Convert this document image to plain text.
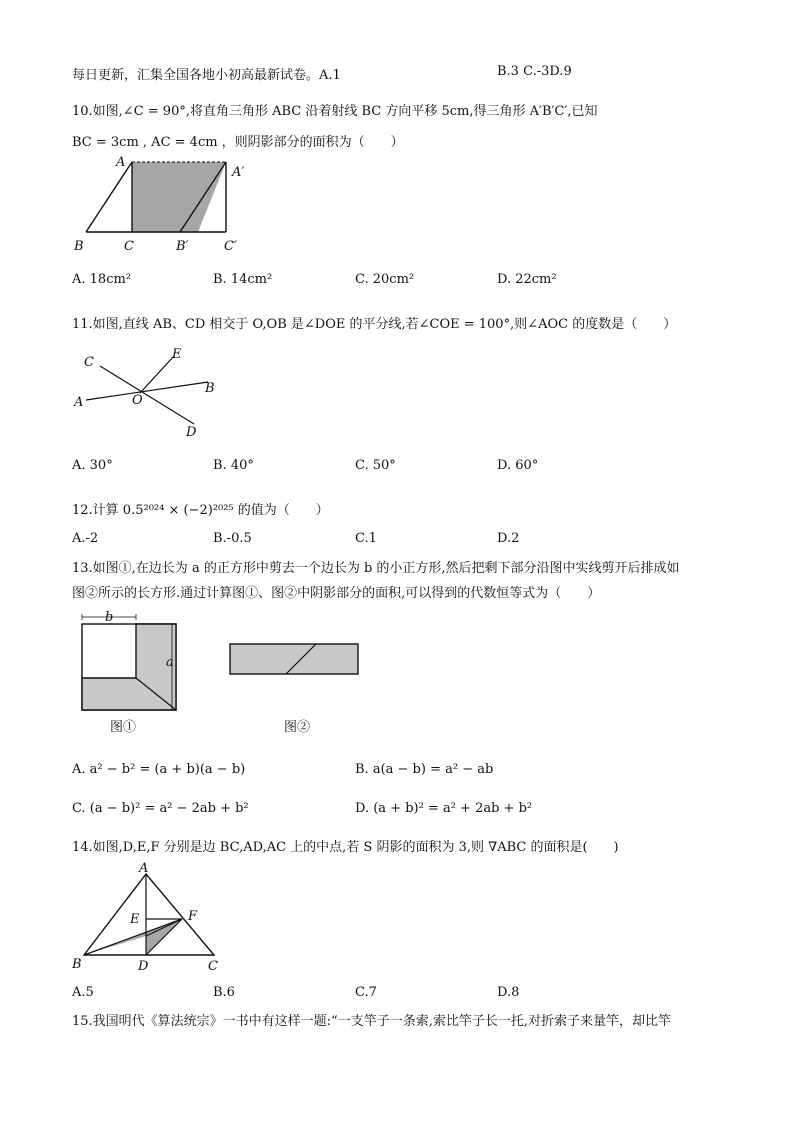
每日更新，汇集全国各地小初高最新试卷。A.1	B.3 C.-3D.9
10.如图,∠C = 90°,将直角三角形 ABC 沿着射线 BC 方向平移 5cm,得三角形 A′B′C′,已知
BC = 3cm , AC = 4cm ，则阴影部分的面积为（　　）
A
A′
B	C	B′	C′
A. 18cm²	B. 14cm²	C. 20cm²	D. 22cm²
11.如图,直线 AB、CD 相交于 O,OB 是∠DOE 的平分线,若∠COE = 100°,则∠AOC 的度数是（　　）
C
E
B
A	O
D
A. 30°	B. 40°	C. 50°	D. 60°
12.计算 0.5²⁰²⁴ × (−2)²⁰²⁵ 的值为（　　）
A.-2	B.-0.5	C.1	D.2
13.如图①,在边长为 a 的正方形中剪去一个边长为 b 的小正方形,然后把剩下部分沿图中实线剪开后排成如
图②所示的长方形.通过计算图①、图②中阴影部分的面积,可以得到的代数恒等式为（　　）
b
a
图①	图②
A. a² − b² = (a + b)(a − b)	B. a(a − b) = a² − ab
C. (a − b)² = a² − 2ab + b²	D. (a + b)² = a² + 2ab + b²
14.如图,D,E,F 分别是边 BC,AD,AC 上的中点,若 S 阴影的面积为 3,则 ∇ABC 的面积是(　　)
A
E	F
B	D	C
A.5	B.6	C.7	D.8
15.我国明代《算法统宗》一书中有这样一题:“一支竿子一条索,索比竿子长一托,对折索子来量竿，却比竿
